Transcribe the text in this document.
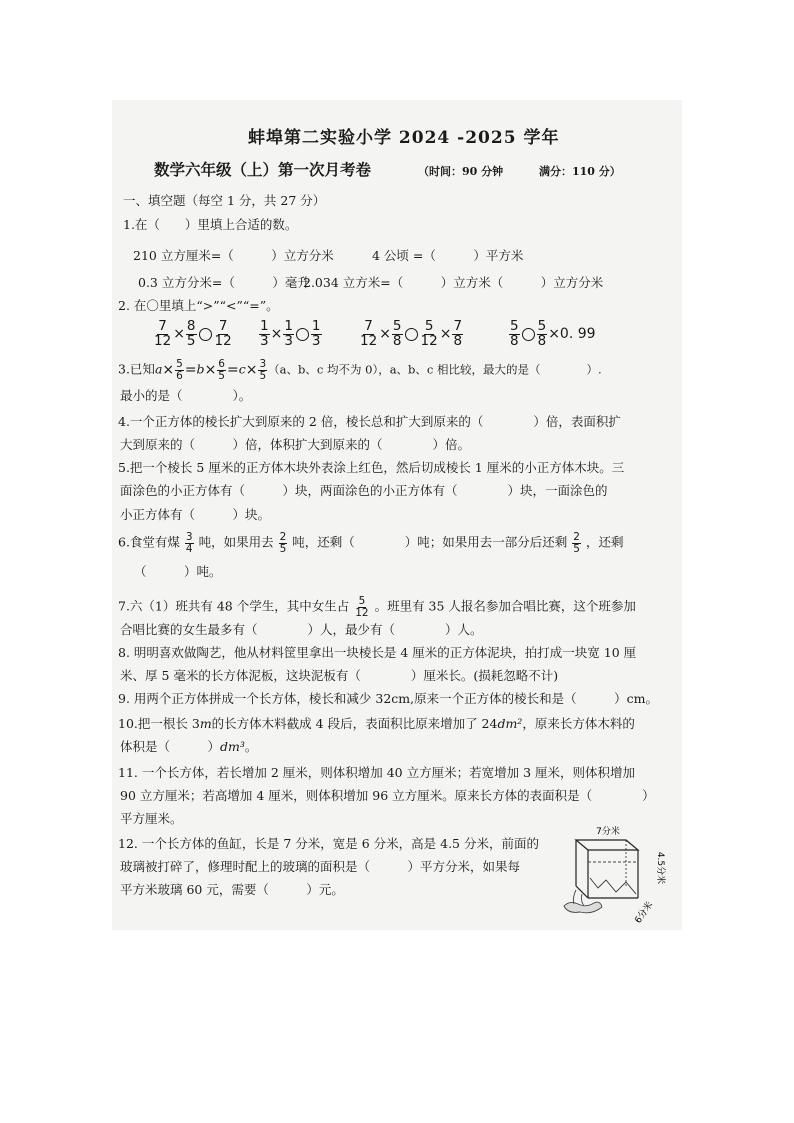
蚌埠第二实验小学 2024 -2025 学年
数学六年级（上）第一次月考卷	（时间：90 分钟	满分：110 分）
一、填空题（每空 1 分，共 27 分）
1.在（　　）里填上合适的数。
210 立方厘米=（　　　）立方分米	4 公顷 =（　　　）平方米
0.3 立方分米=（　　　）毫升
2.034 立方米=（　　　）立方米（　　　）立方分米
2. 在〇里填上“>”“<”“=”。
$\frac{7}{12} \times \frac{8}{5} \frac{7}{12} \frac{1}{3} \times \frac{1}{3} \frac{1}{3}$	$\frac{7}{12} \times \frac{5}{8} \frac{5}{12} \times \frac{7}{8}$	$\frac{5}{8} \frac{5}{8} \times 0$. 99
3.已知$a\times \frac{5}{6} =b\times \frac{6}{5} =c\times \frac{3}{5} (a$、b、c 均不为 0），a、b、c 相比较，最大的是（　　　　）.
最小的是（　　　　）。
4.一个正方体的棱长扩大到原来的 2 倍，棱长总和扩大到原来的（　　　　）倍，表面积扩
大到原来的（　　　）倍，体积扩大到原来的（　　　　）倍。
5.把一个棱长 5 厘米的正方体木块外表涂上红色，然后切成棱长 1 厘米的小正方体木块。三
面涂色的小正方体有（　　　）块，两面涂色的小正方体有（　　　　）块，一面涂色的
小正方体有（　　　）块。
6.食堂有煤 $\frac{3}{4}$ 吨，如果用去 $\frac{2}{5}$ 吨，还剩（　　　　）吨；如果用去一部分后还剩 $\frac{2}{5}$ ，还剩
（　　　）吨。
7.六（1）班共有 48 个学生，其中女生占 $\frac{5}{12}$ 。班里有 35 人报名参加合唱比赛，这个班参加
合唱比赛的女生最多有（　　　　）人，最少有（　　　　）人。
8. 明明喜欢做陶艺，他从材料筐里拿出一块棱长是 4 厘米的正方体泥块，拍打成一块宽 10 厘
米、厚 5 毫米的长方体泥板，这块泥板有（　　　　）厘米长。(损耗忽略不计)
9. 用两个正方体拼成一个长方体，棱长和减少 32cm,原来一个正方体的棱长和是（　　　）cm。
10.把一根长 3m的长方体木料截成 4 段后，表面积比原来增加了 24dm²，原来长方体木料的
体积是（　　　）dm³。
11. 一个长方体，若长增加 2 厘米，则体积增加 40 立方厘米；若宽增加 3 厘米，则体积增加
90 立方厘米；若高增加 4 厘米，则体积增加 96 立方厘米。原来长方体的表面积是（　　　　）
平方厘米。
12. 一个长方体的鱼缸，长是 7 分米，宽是 6 分米，高是 4.5 分米，前面的
玻璃被打碎了，修理时配上的玻璃的面积是（　　　）平方分米，如果每
平方米玻璃 60 元，需要（　　　）元。
7分米
4.5分米
6分米
